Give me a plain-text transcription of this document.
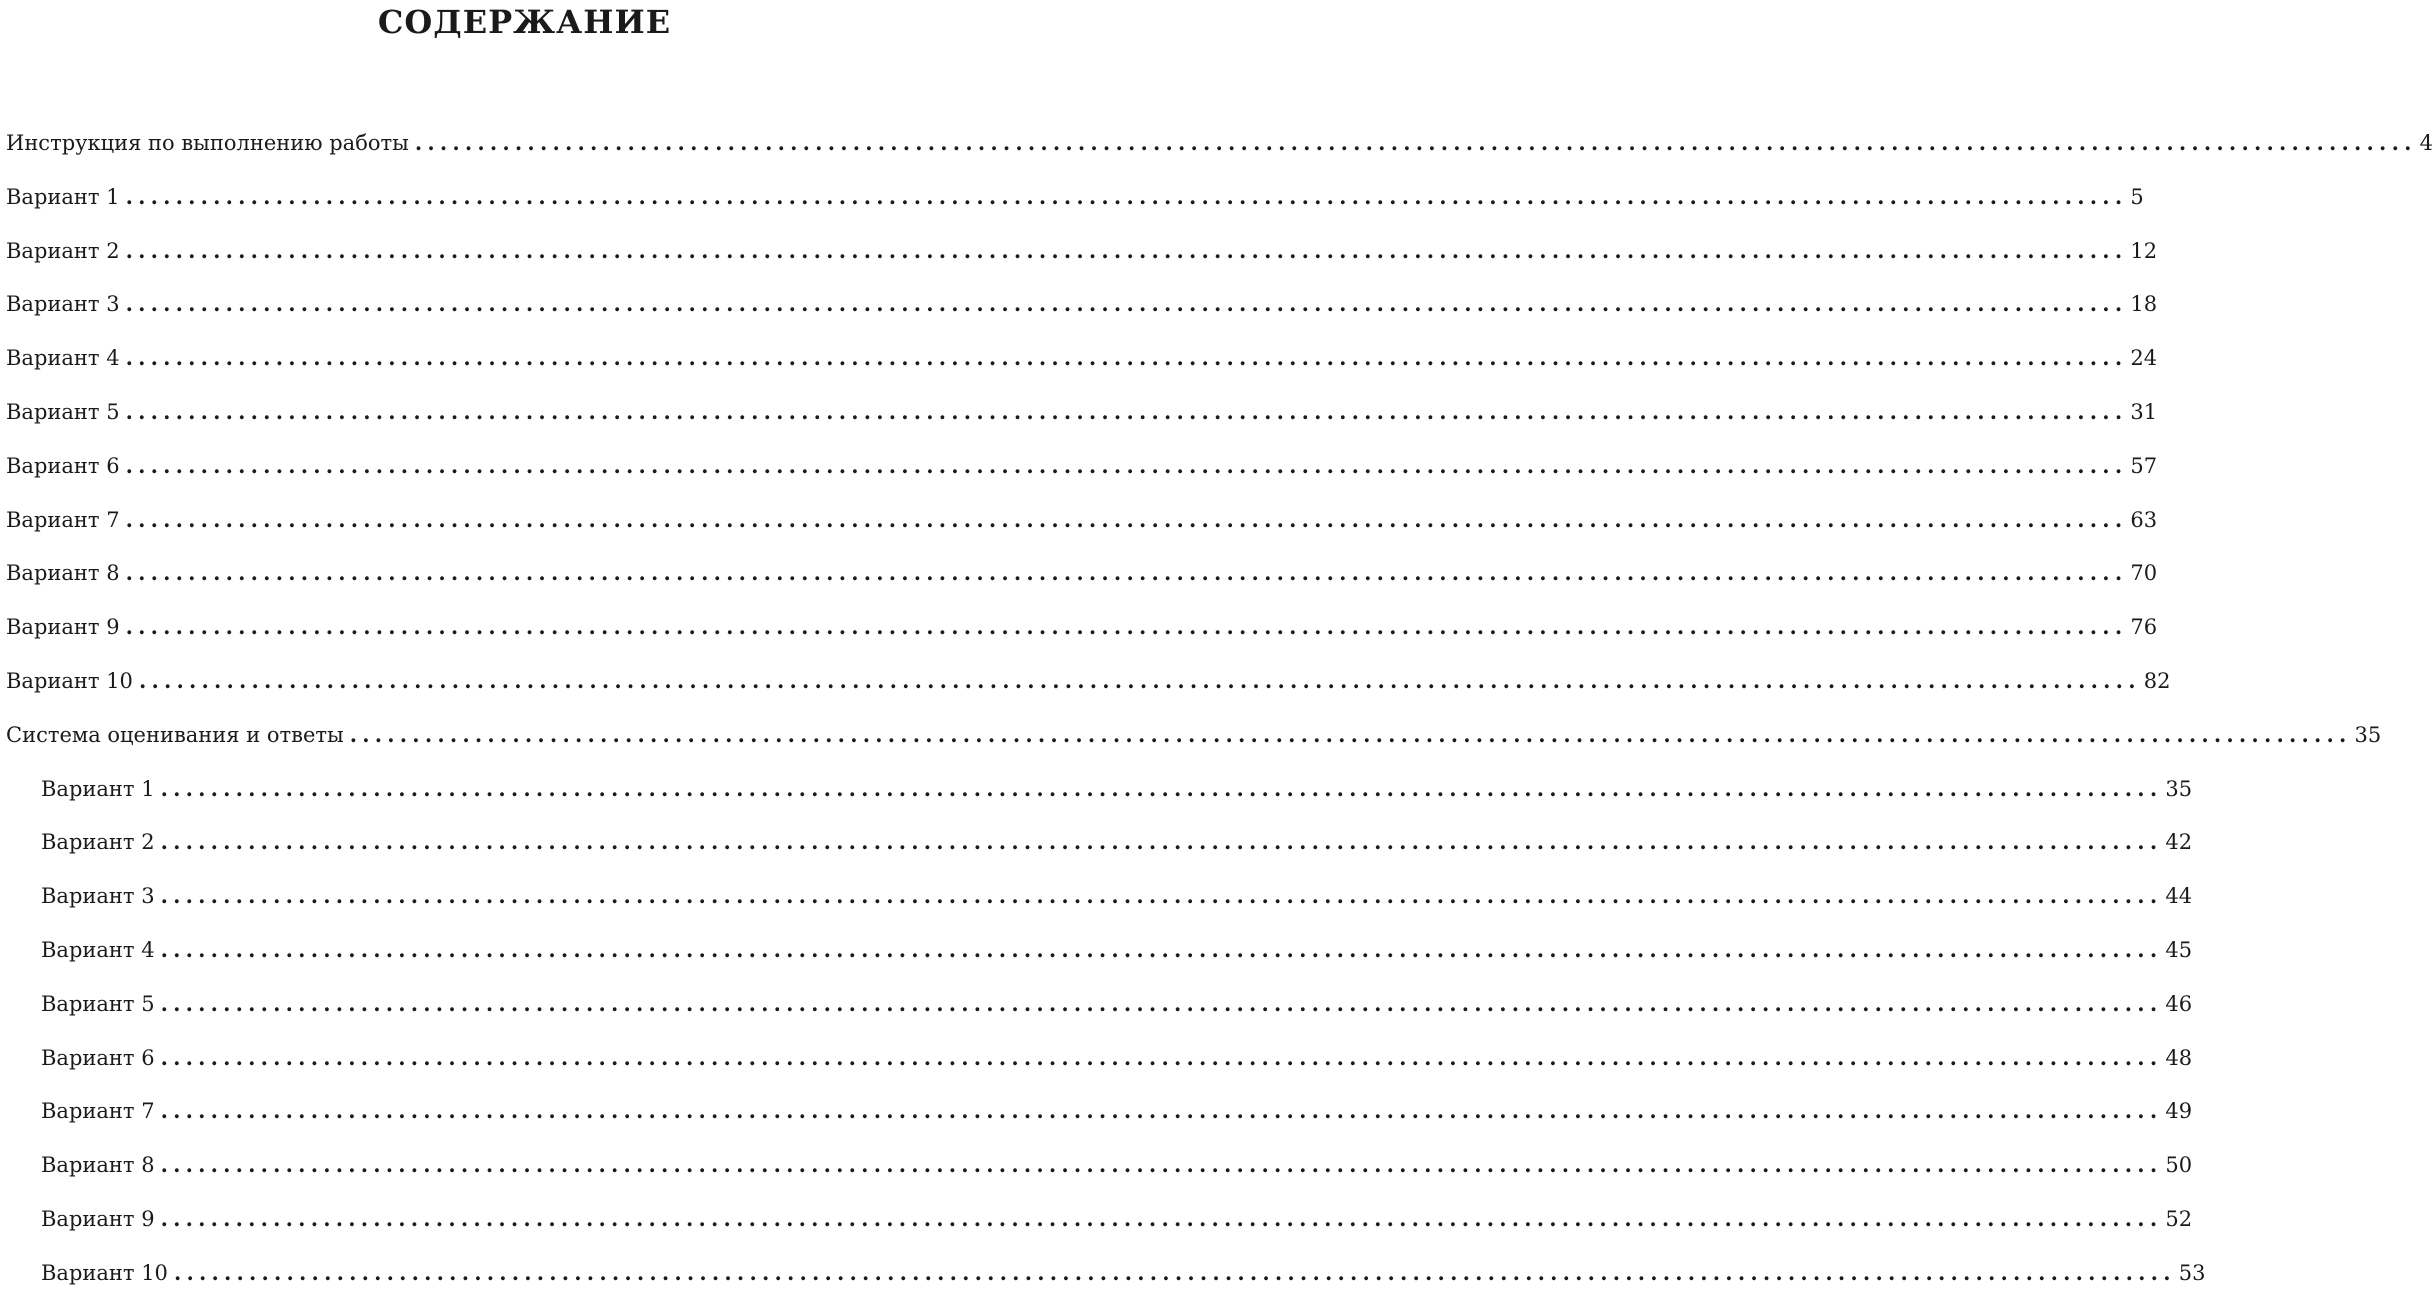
СОДЕРЖАНИЕ
Инструкция по выполнению работы ................................................................................................................................................................ 4
Вариант 1 ................................................................................................................................................................ 5
Вариант 2 ................................................................................................................................................................ 12
Вариант 3 ................................................................................................................................................................ 18
Вариант 4 ................................................................................................................................................................ 24
Вариант 5 ................................................................................................................................................................ 31
Вариант 6 ................................................................................................................................................................ 57
Вариант 7 ................................................................................................................................................................ 63
Вариант 8 ................................................................................................................................................................ 70
Вариант 9 ................................................................................................................................................................ 76
Вариант 10 ................................................................................................................................................................ 82
Система оценивания и ответы ................................................................................................................................................................ 35
Вариант 1 ................................................................................................................................................................ 35
Вариант 2 ................................................................................................................................................................ 42
Вариант 3 ................................................................................................................................................................ 44
Вариант 4 ................................................................................................................................................................ 45
Вариант 5 ................................................................................................................................................................ 46
Вариант 6 ................................................................................................................................................................ 48
Вариант 7 ................................................................................................................................................................ 49
Вариант 8 ................................................................................................................................................................ 50
Вариант 9 ................................................................................................................................................................ 52
Вариант 10 ................................................................................................................................................................ 53
